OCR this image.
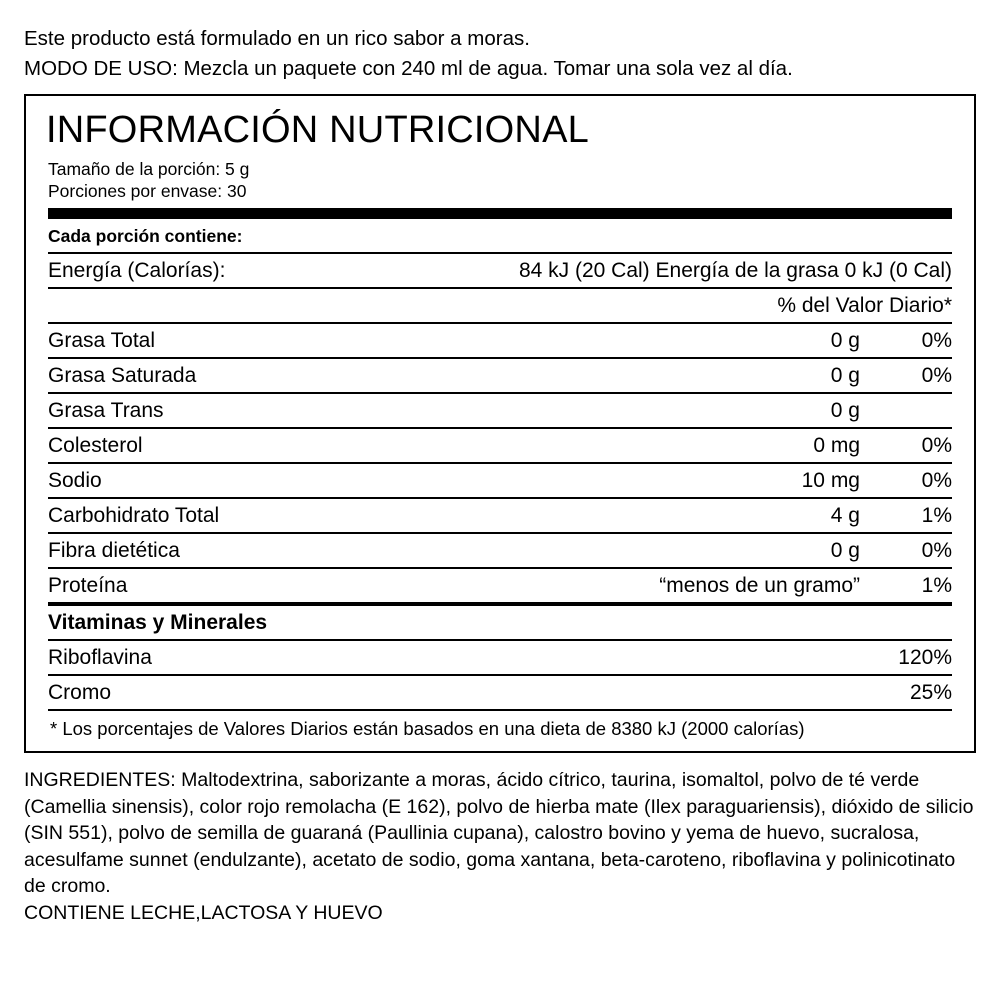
Este producto está formulado en un rico sabor a moras.
MODO DE USO: Mezcla un paquete con 240 ml de agua. Tomar una sola vez al día.
INFORMACIÓN NUTRICIONAL
Tamaño de la porción: 5 g
Porciones por envase: 30
Cada porción contiene:		
Energía (Calorías):	84 kJ (20 Cal) Energía de la grasa 0 kJ (0 Cal)	
	% del Valor Diario*	
Grasa Total	0 g	0%
Grasa Saturada	0 g	0%
Grasa Trans	0 g	
Colesterol	0 mg	0%
Sodio	10 mg	0%
Carbohidrato Total	4 g	1%
Fibra dietética	0 g	0%
Proteína	“menos de un gramo”	1%
Vitaminas y Minerales		
Riboflavina		120%
Cromo		25%

* Los porcentajes de Valores Diarios están basados en una dieta de 8380 kJ (2000 calorías)
INGREDIENTES: Maltodextrina, saborizante a moras, ácido cítrico, taurina, isomaltol, polvo de té verde (Camellia sinensis), color rojo remolacha (E 162), polvo de hierba mate (Ilex paraguariensis), dióxido de silicio (SIN 551), polvo de semilla de guaraná (Paullinia cupana), calostro bovino y yema de huevo, sucralosa, acesulfame sunnet (endulzante), acetato de sodio, goma xantana, beta-caroteno, riboflavina y polinicotinato de cromo.
CONTIENE LECHE,LACTOSA Y HUEVO
